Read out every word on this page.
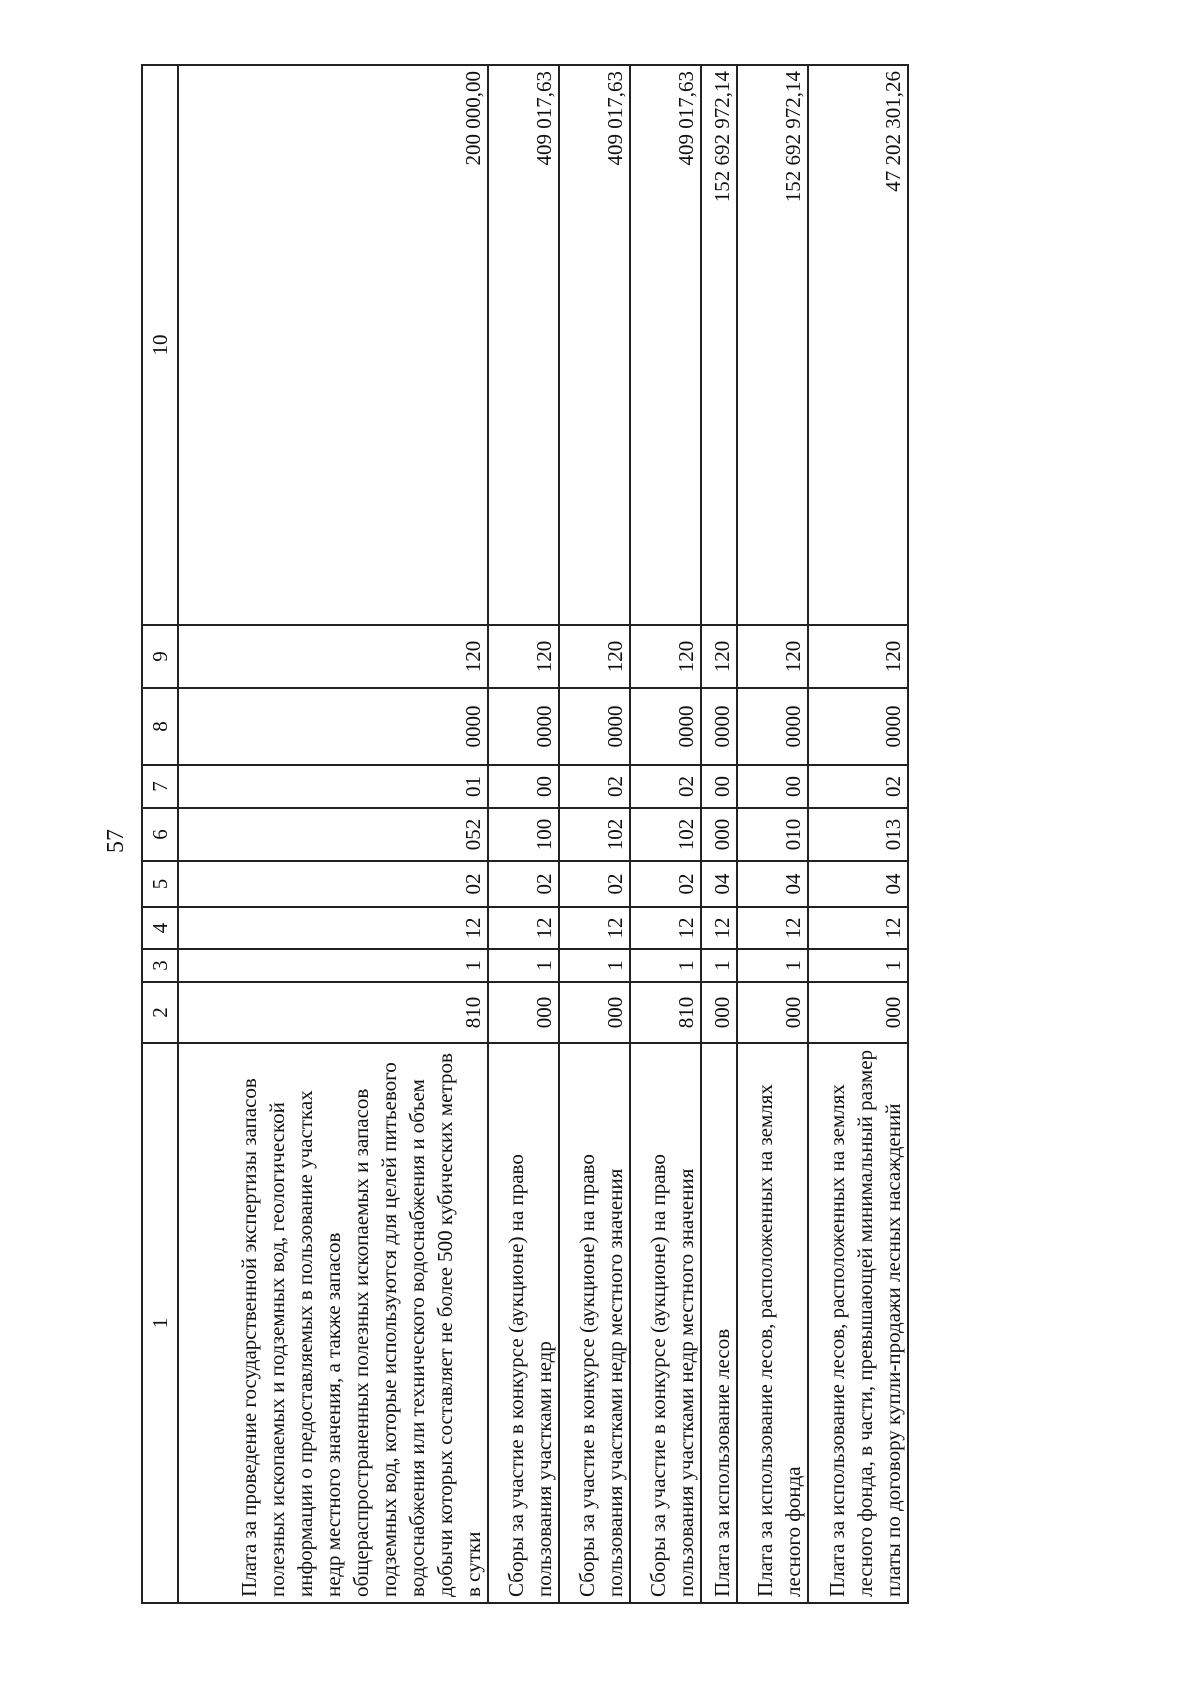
57
1	2	3	4	5	6	7	8	9	10
Плата за проведение государственной экспертизы запасов полезных ископаемых и подземных вод, геологической информации о предоставляемых в пользование участках недр местного значения, а также запасов общераспространенных полезных ископаемых и запасов подземных вод, которые используются для целей питьевого водоснабжения или технического водоснабжения и объем добычи которых составляет не более 500 кубических метров в сутки	810	1	12	02	052	01	0000	120	200 000,00
Сборы за участие в конкурсе (аукционе) на право пользования участками недр	000	1	12	02	100	00	0000	120	409 017,63
Сборы за участие в конкурсе (аукционе) на право пользования участками недр местного значения	000	1	12	02	102	02	0000	120	409 017,63
Сборы за участие в конкурсе (аукционе) на право пользования участками недр местного значения	810	1	12	02	102	02	0000	120	409 017,63
Плата за использование лесов	000	1	12	04	000	00	0000	120	152 692 972,14
Плата за использование лесов, расположенных на землях лесного фонда	000	1	12	04	010	00	0000	120	152 692 972,14
Плата за использование лесов, расположенных на землях лесного фонда, в части, превышающей минимальный размер платы по договору купли-продажи лесных насаждений	000	1	12	04	013	02	0000	120	47 202 301,26
